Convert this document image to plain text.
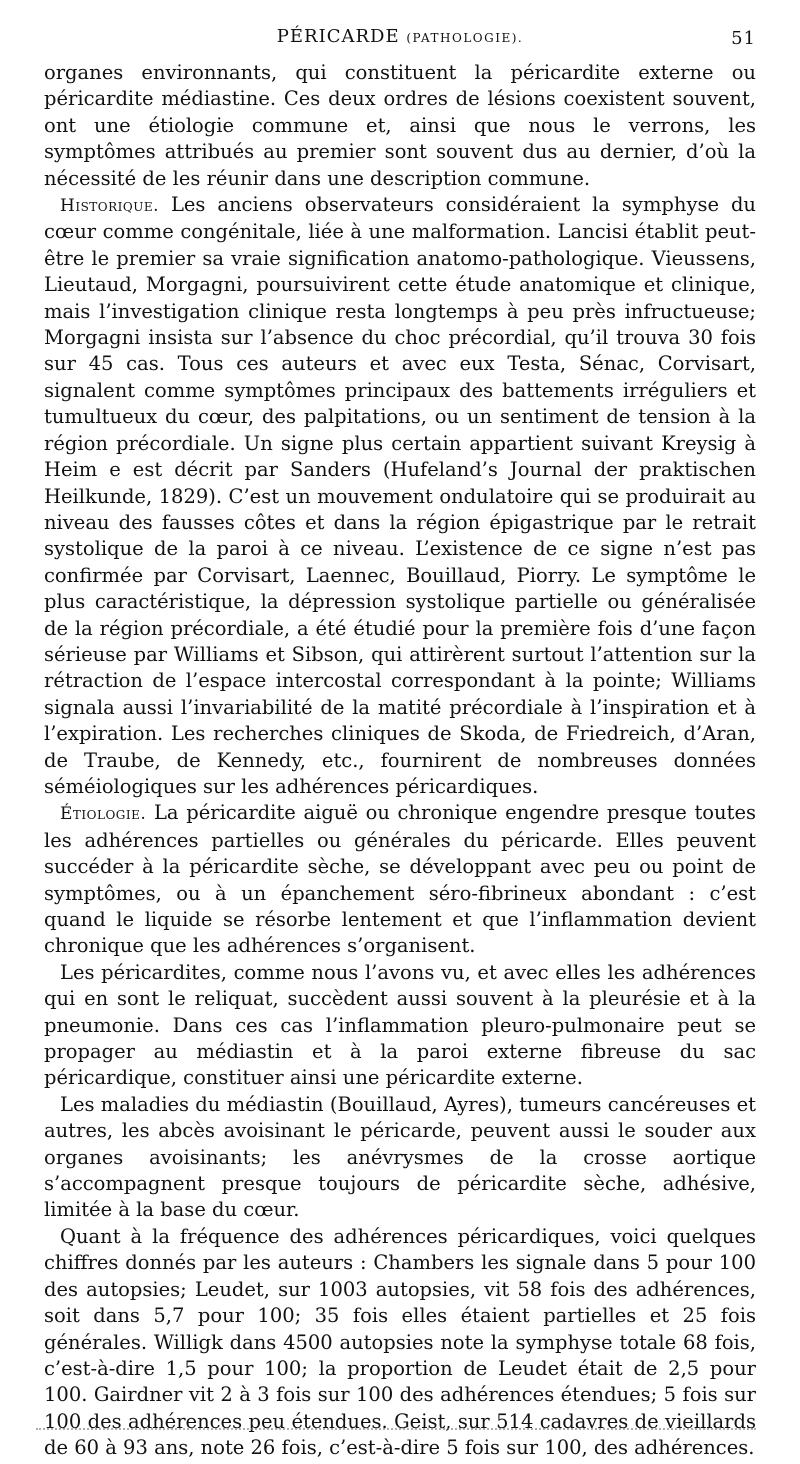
PÉRICARDE (PATHOLOGIE).	51

organes environnants, qui constituent la péricardite externe ou péricardite médiastine. Ces deux ordres de lésions coexistent souvent, ont une étiologie commune et, ainsi que nous le verrons, les symptômes attribués au premier sont souvent dus au dernier, d’où la nécessité de les réunir dans une description commune.

Historique. Les anciens observateurs considéraient la symphyse du cœur comme congénitale, liée à une malformation. Lancisi établit peut-être le premier sa vraie signification anatomo-pathologique. Vieussens, Lieutaud, Morgagni, poursuivirent cette étude anatomique et clinique, mais l’investigation clinique resta longtemps à peu près infructueuse; Morgagni insista sur l’absence du choc précordial, qu’il trouva 30 fois sur 45 cas. Tous ces auteurs et avec eux Testa, Sénac, Corvisart, signalent comme symptômes principaux des battements irréguliers et tumultueux du cœur, des palpitations, ou un sentiment de tension à la région précordiale. Un signe plus certain appartient suivant Kreysig à Heim e est décrit par Sanders (Hufeland’s Journal der praktischen Heilkunde, 1829). C’est un mouvement ondulatoire qui se produirait au niveau des fausses côtes et dans la région épigastrique par le retrait systolique de la paroi à ce niveau. L’existence de ce signe n’est pas confirmée par Corvisart, Laennec, Bouillaud, Piorry. Le symptôme le plus caractéristique, la dépression systolique partielle ou généralisée de la région précordiale, a été étudié pour la première fois d’une façon sérieuse par Williams et Sibson, qui attirèrent surtout l’attention sur la rétraction de l’espace intercostal correspondant à la pointe; Williams signala aussi l’invariabilité de la matité précordiale à l’inspiration et à l’expiration. Les recherches cliniques de Skoda, de Friedreich, d’Aran, de Traube, de Kennedy, etc., fournirent de nombreuses données séméiologiques sur les adhérences péricardiques.

Étiologie. La péricardite aiguë ou chronique engendre presque toutes les adhérences partielles ou générales du péricarde. Elles peuvent succéder à la péricardite sèche, se développant avec peu ou point de symptômes, ou à un épanchement séro-fibrineux abondant : c’est quand le liquide se résorbe lentement et que l’inflammation devient chronique que les adhérences s’organisent.

Les péricardites, comme nous l’avons vu, et avec elles les adhérences qui en sont le reliquat, succèdent aussi souvent à la pleurésie et à la pneumonie. Dans ces cas l’inflammation pleuro-pulmonaire peut se propager au médiastin et à la paroi externe fibreuse du sac péricardique, constituer ainsi une péricardite externe.

Les maladies du médiastin (Bouillaud, Ayres), tumeurs cancéreuses et autres, les abcès avoisinant le péricarde, peuvent aussi le souder aux organes avoisinants; les anévrysmes de la crosse aortique s’accompagnent presque toujours de péricardite sèche, adhésive, limitée à la base du cœur.

Quant à la fréquence des adhérences péricardiques, voici quelques chiffres donnés par les auteurs : Chambers les signale dans 5 pour 100 des autopsies; Leudet, sur 1003 autopsies, vit 58 fois des adhérences, soit dans 5,7 pour 100; 35 fois elles étaient partielles et 25 fois générales. Willigk dans 4500 autopsies note la symphyse totale 68 fois, c’est-à-dire 1,5 pour 100; la proportion de Leudet était de 2,5 pour 100. Gairdner vit 2 à 3 fois sur 100 des adhérences étendues; 5 fois sur 100 des adhérences peu étendues. Geist, sur 514 cadavres de vieillards de 60 à 93 ans, note 26 fois, c’est-à-dire 5 fois sur 100, des adhérences.
